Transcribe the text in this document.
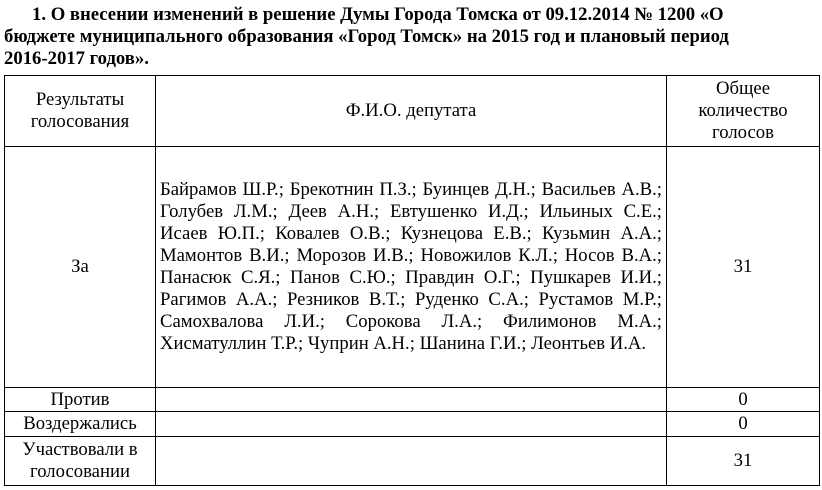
1. О внесении изменений в решение Думы Города Томска от 09.12.2014 № 1200 «О
бюджете муниципального образования «Город Томск» на 2015 год и плановый период
2016-2017 годов».
Результаты голосования	Ф.И.О. депутата	Общее количество голосов
За	Байрамов Ш.Р.; Брекотнин П.З.; Буинцев Д.Н.; Васильев А.В.; Голубев Л.М.; Деев А.Н.; Евтушенко И.Д.; Ильиных С.Е.; Исаев Ю.П.; Ковалев О.В.; Кузнецова Е.В.; Кузьмин А.А.; Мамонтов В.И.; Морозов И.В.; Новожилов К.Л.; Носов В.А.; Панасюк С.Я.; Панов С.Ю.; Правдин О.Г.; Пушкарев И.И.; Рагимов А.А.; Резников В.Т.; Руденко С.А.; Рустамов М.Р.; Самохвалова Л.И.; Сорокова Л.А.; Филимонов М.А.; Хисматуллин Т.Р.; Чуприн А.Н.; Шанина Г.И.; Леонтьев И.А.	31
Против		0
Воздержались		0
Участвовали в голосовании		31
